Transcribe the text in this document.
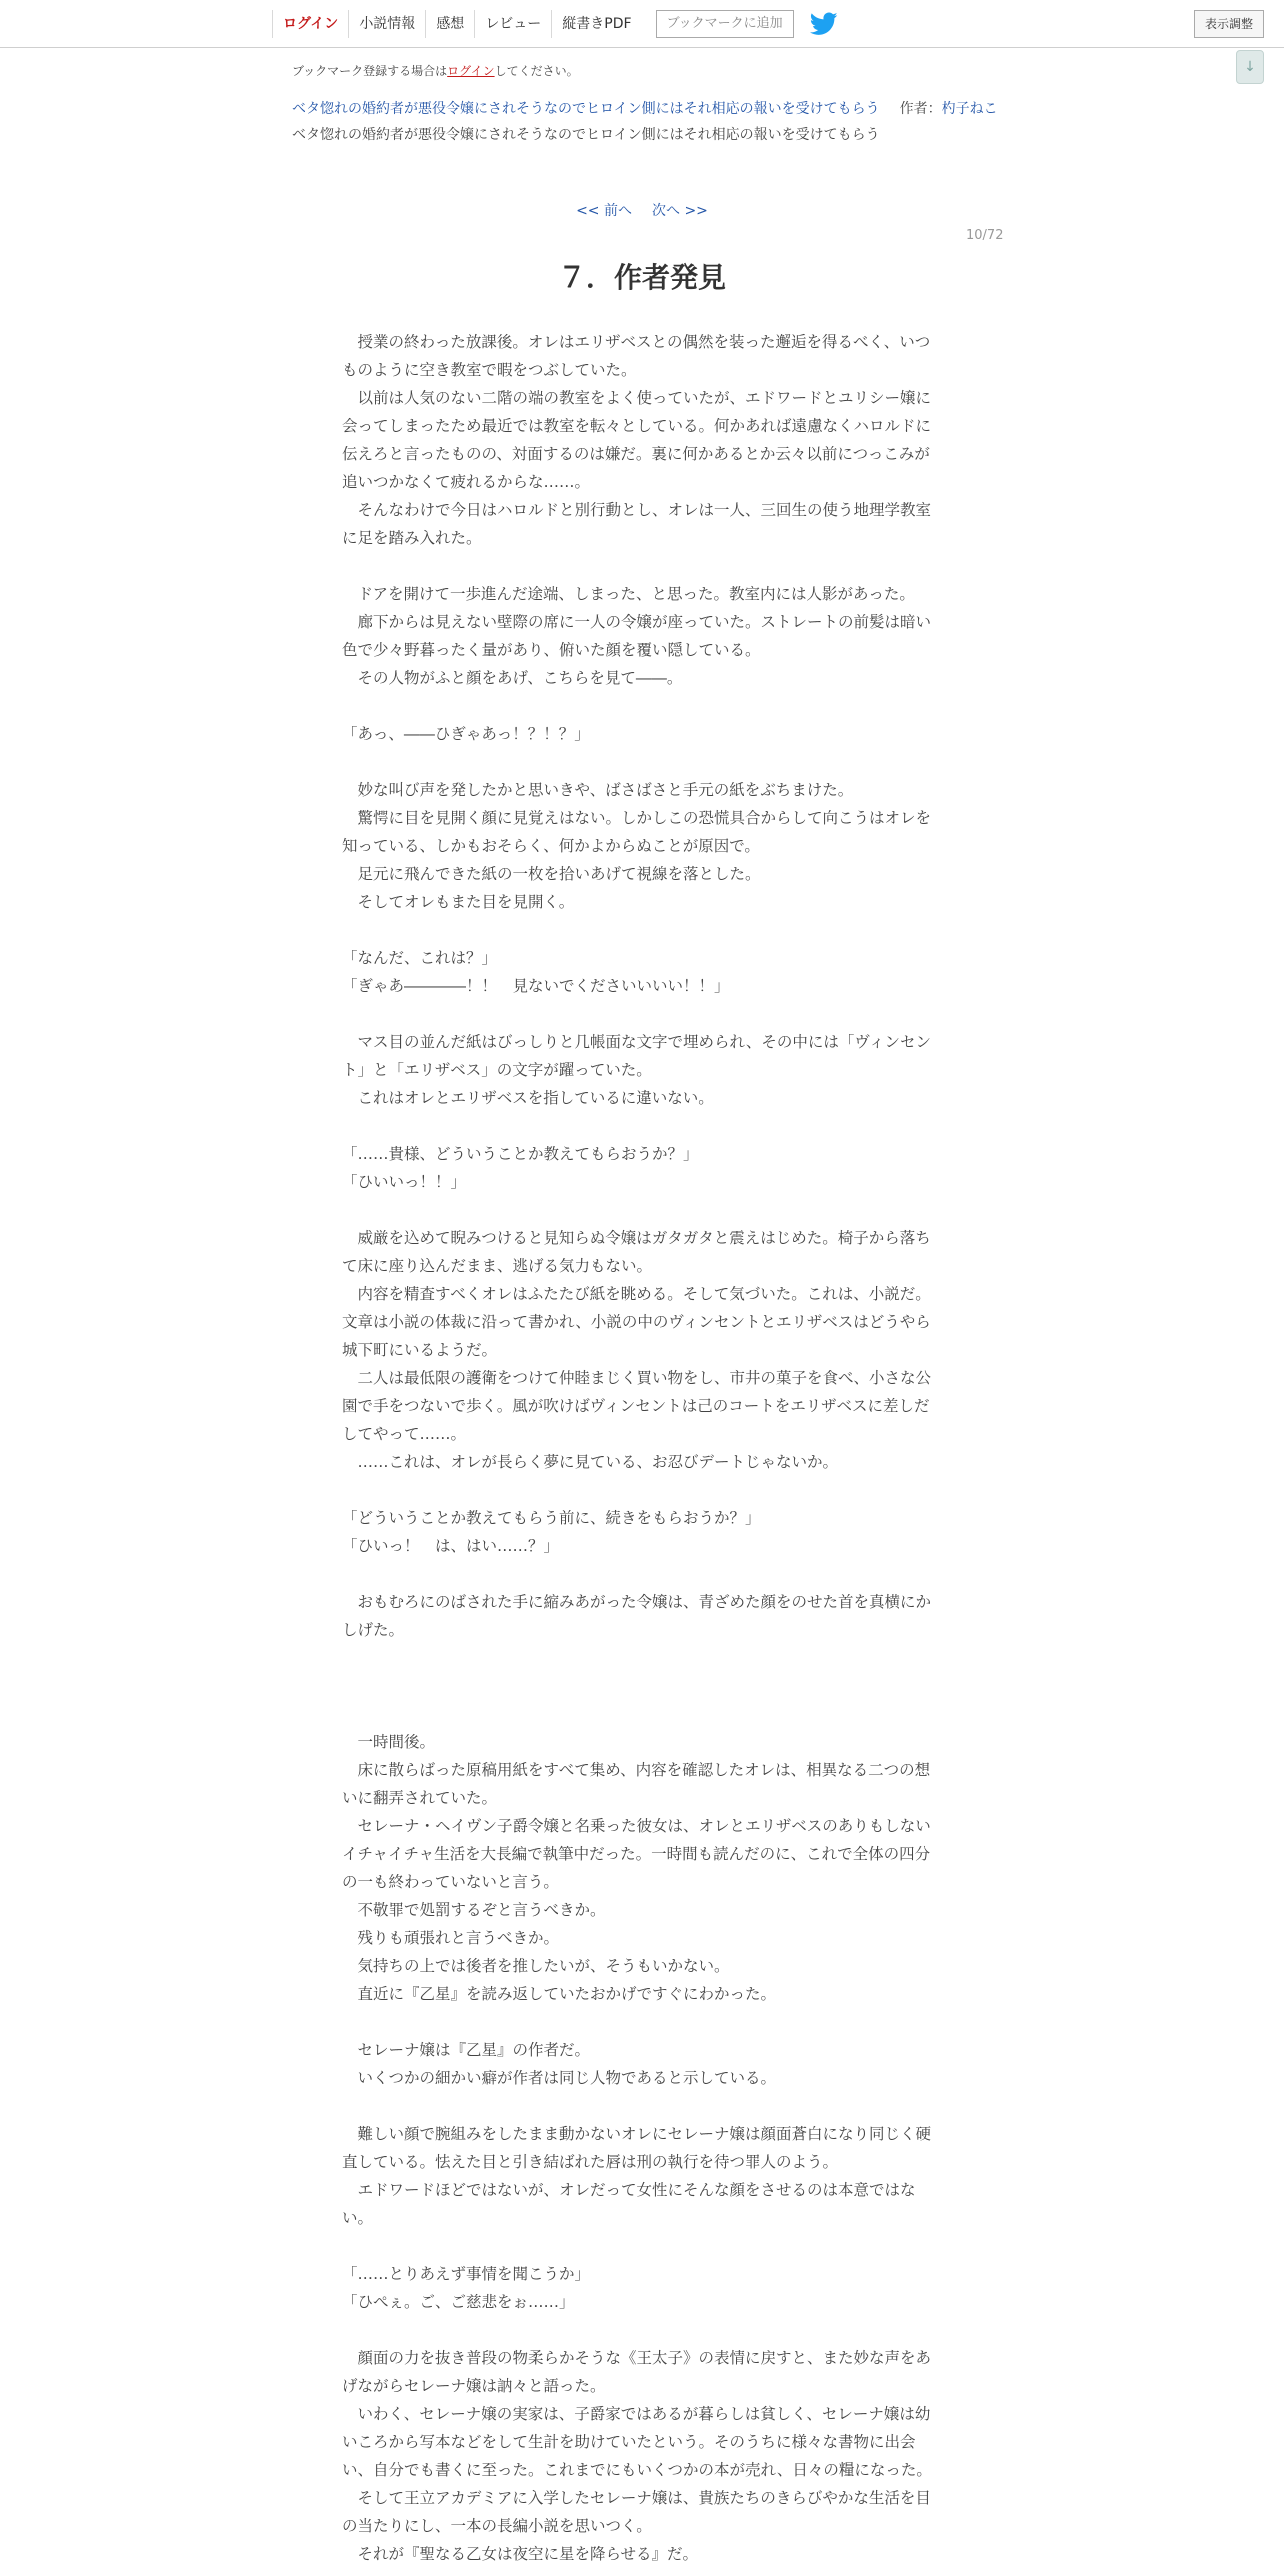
ログイン	小説情報	感想	レビュー	縦書きPDF	ブックマークに追加	表示調整
↓
ブックマーク登録する場合はログインしてください。
ベタ惚れの婚約者が悪役令嬢にされそうなのでヒロイン側にはそれ相応の報いを受けてもらう 作者：杓子ねこ
ベタ惚れの婚約者が悪役令嬢にされそうなのでヒロイン側にはそれ相応の報いを受けてもらう
<< 前へ 次へ >>
10/72
７．作者発見

　授業の終わった放課後。オレはエリザベスとの偶然を装った邂逅を得るべく、いつものように空き教室で暇をつぶしていた。

　以前は人気のない二階の端の教室をよく使っていたが、エドワードとユリシー嬢に会ってしまったため最近では教室を転々としている。何かあれば遠慮なくハロルドに伝えろと言ったものの、対面するのは嫌だ。裏に何かあるとか云々以前につっこみが追いつかなくて疲れるからな……。

　そんなわけで今日はハロルドと別行動とし、オレは一人、三回生の使う地理学教室に足を踏み入れた。

　ドアを開けて一歩進んだ途端、しまった、と思った。教室内には人影があった。

　廊下からは見えない壁際の席に一人の令嬢が座っていた。ストレートの前髪は暗い色で少々野暮ったく量があり、俯いた顔を覆い隠している。

　その人物がふと顔をあげ、こちらを見て――。

「あっ、――ひぎゃあっ！？！？」

　妙な叫び声を発したかと思いきや、ばさばさと手元の紙をぶちまけた。

　驚愕に目を見開く顔に見覚えはない。しかしこの恐慌具合からして向こうはオレを知っている、しかもおそらく、何かよからぬことが原因で。

　足元に飛んできた紙の一枚を拾いあげて視線を落とした。

　そしてオレもまた目を見開く。

「なんだ、これは？」

「ぎゃあ――――！！　見ないでくださいいいい！！」

　マス目の並んだ紙はびっしりと几帳面な文字で埋められ、その中には「ヴィンセント」と「エリザベス」の文字が躍っていた。

　これはオレとエリザベスを指しているに違いない。

「……貴様、どういうことか教えてもらおうか？」

「ひいいっ！！」

　威厳を込めて睨みつけると見知らぬ令嬢はガタガタと震えはじめた。椅子から落ちて床に座り込んだまま、逃げる気力もない。

　内容を精査すべくオレはふたたび紙を眺める。そして気づいた。これは、小説だ。文章は小説の体裁に沿って書かれ、小説の中のヴィンセントとエリザベスはどうやら城下町にいるようだ。

　二人は最低限の護衛をつけて仲睦まじく買い物をし、市井の菓子を食べ、小さな公園で手をつないで歩く。風が吹けばヴィンセントは己のコートをエリザベスに差しだしてやって……。

　……これは、オレが長らく夢に見ている、お忍びデートじゃないか。

「どういうことか教えてもらう前に、続きをもらおうか？」

「ひいっ！　は、はい……？」

　おもむろにのばされた手に縮みあがった令嬢は、青ざめた顔をのせた首を真横にかしげた。

　一時間後。

　床に散らばった原稿用紙をすべて集め、内容を確認したオレは、相異なる二つの想いに翻弄されていた。

　セレーナ・ヘイヴン子爵令嬢と名乗った彼女は、オレとエリザベスのありもしないイチャイチャ生活を大長編で執筆中だった。一時間も読んだのに、これで全体の四分の一も終わっていないと言う。

　不敬罪で処罰するぞと言うべきか。

　残りも頑張れと言うべきか。

　気持ちの上では後者を推したいが、そうもいかない。

　直近に『乙星』を読み返していたおかげですぐにわかった。

　セレーナ嬢は『乙星』の作者だ。

　いくつかの細かい癖が作者は同じ人物であると示している。

　難しい顔で腕組みをしたまま動かないオレにセレーナ嬢は顔面蒼白になり同じく硬直している。怯えた目と引き結ばれた唇は刑の執行を待つ罪人のよう。

　エドワードほどではないが、オレだって女性にそんな顔をさせるのは本意ではない。

「……とりあえず事情を聞こうか」

「ひぺぇ。ご、ご慈悲をぉ……」

　顔面の力を抜き普段の物柔らかそうな《王太子》の表情に戻すと、また妙な声をあげながらセレーナ嬢は訥々と語った。

　いわく、セレーナ嬢の実家は、子爵家ではあるが暮らしは貧しく、セレーナ嬢は幼いころから写本などをして生計を助けていたという。そのうちに様々な書物に出会い、自分でも書くに至った。これまでにもいくつかの本が売れ、日々の糧になった。

　そして王立アカデミアに入学したセレーナ嬢は、貴族たちのきらびやかな生活を目の当たりにし、一本の長編小説を思いつく。

　それが『聖なる乙女は夜空に星を降らせる』だ。
